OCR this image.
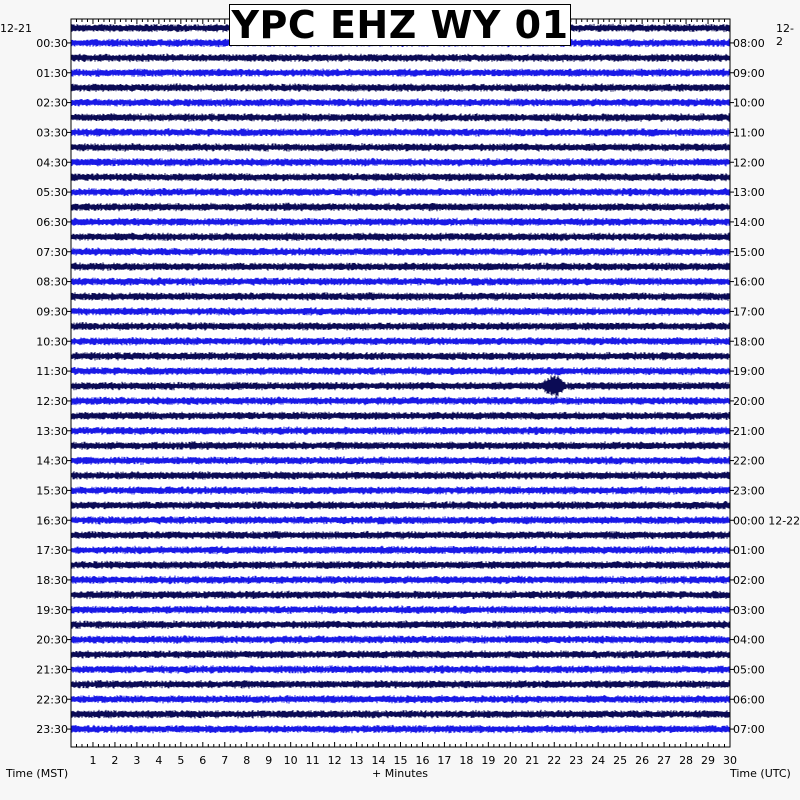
1 2 3 4 5 6 7 8 9 10 11 12 13 14 15 16 17 18 19 20 21 22 23 24 25 26 27 28 29 30
00:30
01:30
02:30
03:30
04:30
05:30
06:30
07:30
08:30
09:30
10:30
11:30
12:30
13:30
14:30
15:30
16:30
17:30
18:30
19:30
20:30
21:30
22:30
23:30
08:00
09:00
10:00
11:00
12:00
13:00
14:00
15:00
16:00
17:00
18:00
19:00
20:00
21:00
22:00
23:00
00:00 12-22
01:00
02:00
03:00
04:00
05:00
06:00
07:00
YPC EHZ WY 01
12-21	12-2
Time (MST)	+ Minutes	Time (UTC)
